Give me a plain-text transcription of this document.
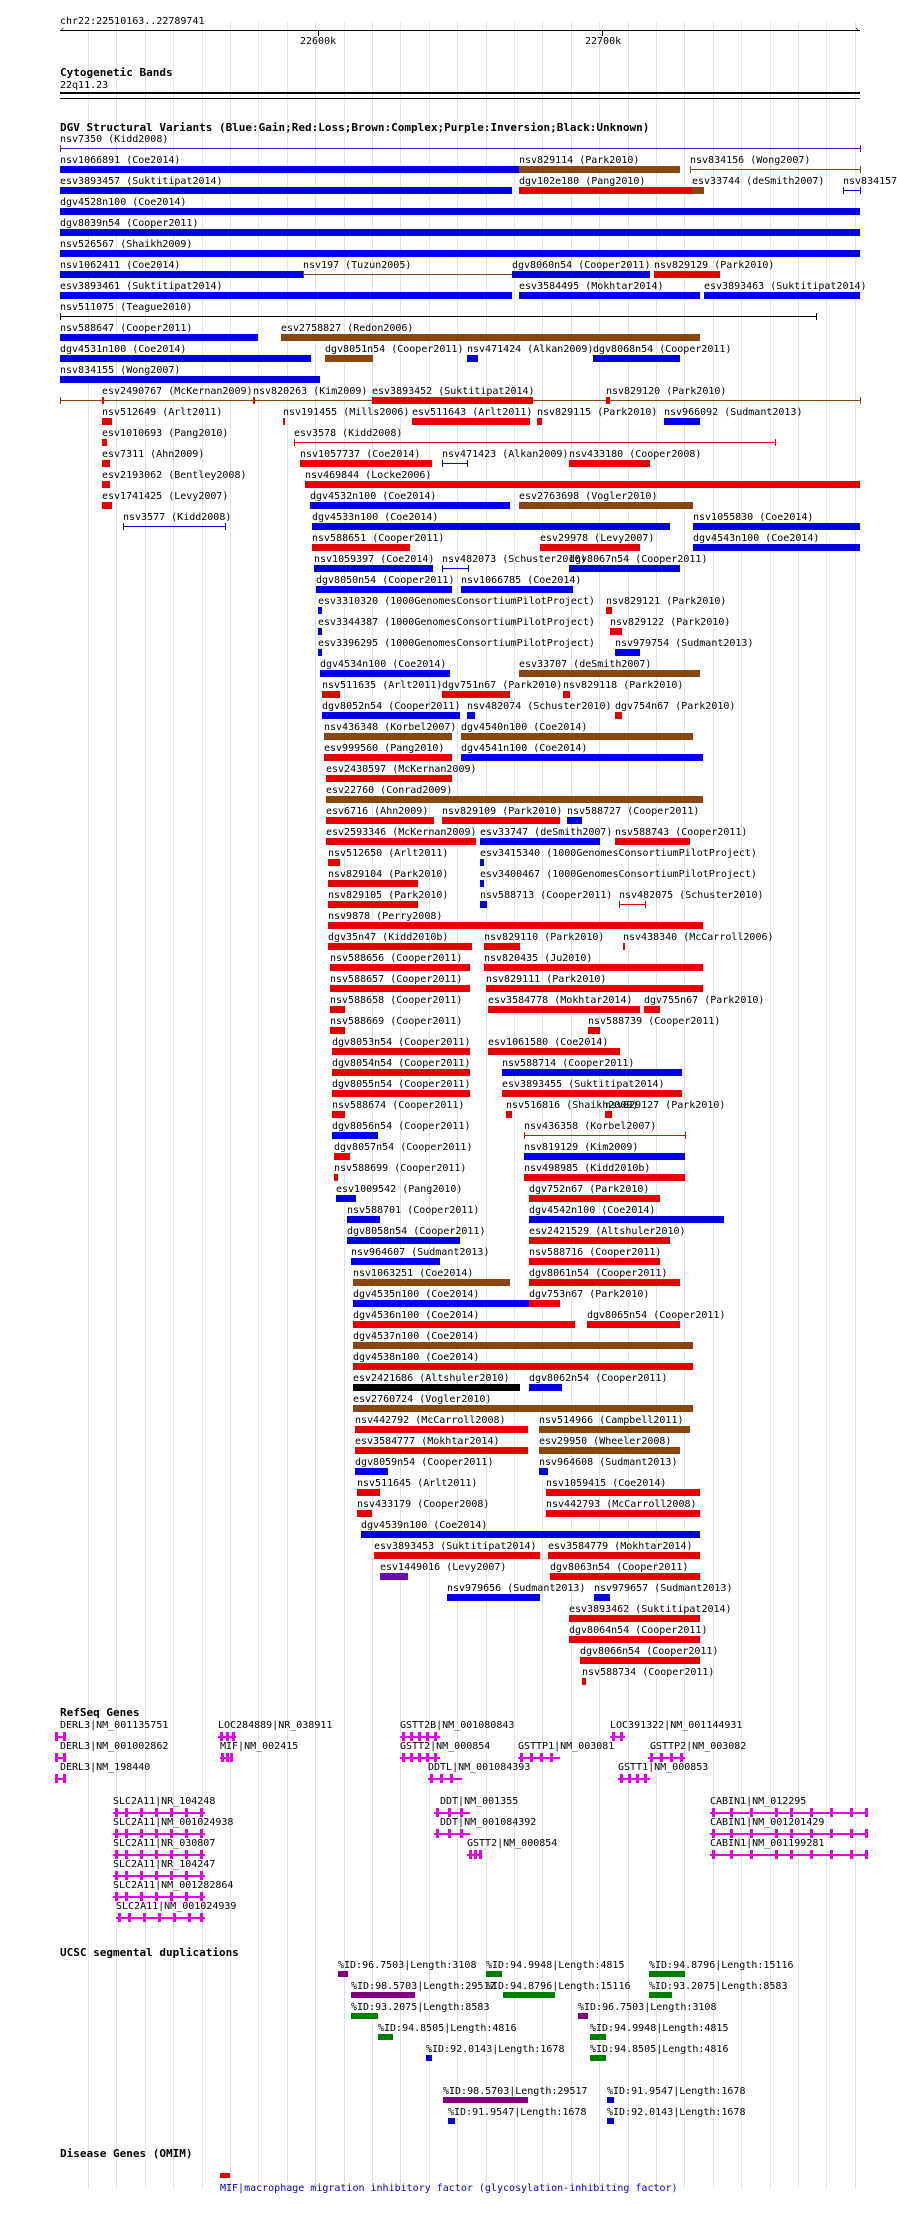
chr22:22510163..22789741
‹	›
22600k	22700k
Cytogenetic Bands
22q11.23
DGV Structural Variants (Blue:Gain;Red:Loss;Brown:Complex;Purple:Inversion;Black:Unknown)
nsv7350 (Kidd2008)
nsv1066891 (Coe2014)	nsv829114 (Park2010)	nsv834156 (Wong2007)
esv3893457 (Suktitipat2014)	dgv102e180 (Pang2010)	esv33744 (deSmith2007) nsv834157
dgv4528n100 (Coe2014)
dgv8039n54 (Cooper2011)
nsv526567 (Shaikh2009)
nsv1062411 (Coe2014)	nsv197 (Tuzun2005)	dgv8060n54 (Cooper2011) nsv829129 (Park2010)
esv3893461 (Suktitipat2014)	esv3584495 (Mokhtar2014)	esv3893463 (Suktitipat2014)
nsv511075 (Teague2010)
nsv588647 (Cooper2011)	esv2758827 (Redon2006)
dgv4531n100 (Coe2014)	dgv8051n54 (Cooper2011) nsv471424 (Alkan2009) dgv8068n54 (Cooper2011)
nsv834155 (Wong2007)
esv2490767 (McKernan2009) nsv820263 (Kim2009) esv3893452 (Suktitipat2014)	nsv829120 (Park2010)
nsv512649 (Arlt2011)	nsv191455 (Mills2006) esv511643 (Arlt2011) nsv829115 (Park2010) nsv966092 (Sudmant2013)
esv1010693 (Pang2010)	esv3578 (Kidd2008)
esv7311 (Ahn2009)	nsv1057737 (Coe2014) nsv471423 (Alkan2009) nsv433180 (Cooper2008)
esv2193062 (Bentley2008)	nsv469844 (Locke2006)
esv1741425 (Levy2007)	dgv4532n100 (Coe2014)	esv2763698 (Vogler2010)
nsv3577 (Kidd2008)	dgv4533n100 (Coe2014)	nsv1055830 (Coe2014)
nsv588651 (Cooper2011)	esv29978 (Levy2007)	dgv4543n100 (Coe2014)
nsv1059397 (Coe2014) nsv482073 (Schuster2010)
dgv8067n54 (Cooper2011)
dgv8050n54 (Cooper2011) nsv1066785 (Coe2014)
esv3310320 (1000GenomesConsortiumPilotProject) nsv829121 (Park2010)
esv3344387 (1000GenomesConsortiumPilotProject) nsv829122 (Park2010)
esv3396295 (1000GenomesConsortiumPilotProject) nsv979754 (Sudmant2013)
dgv4534n100 (Coe2014)	esv33707 (deSmith2007)
nsv511635 (Arlt2011) dgv751n67 (Park2010) nsv829118 (Park2010)
dgv8052n54 (Cooper2011) nsv482074 (Schuster2010) dgv754n67 (Park2010)
nsv436348 (Korbel2007) dgv4540n100 (Coe2014)
esv999560 (Pang2010) dgv4541n100 (Coe2014)
esv2430597 (McKernan2009)
esv22760 (Conrad2009)
esv6716 (Ahn2009) nsv829109 (Park2010) nsv588727 (Cooper2011)
esv2593346 (McKernan2009) esv33747 (deSmith2007) nsv588743 (Cooper2011)
nsv512650 (Arlt2011)	esv3415340 (1000GenomesConsortiumPilotProject)
nsv829104 (Park2010)	esv3400467 (1000GenomesConsortiumPilotProject)
nsv829105 (Park2010)	nsv588713 (Cooper2011) nsv482075 (Schuster2010)
nsv9878 (Perry2008)
dgv35n47 (Kidd2010b)	nsv829110 (Park2010) nsv438340 (McCarroll2006)
nsv588656 (Cooper2011) nsv820435 (Ju2010)
nsv588657 (Cooper2011) nsv829111 (Park2010)
nsv588658 (Cooper2011)	esv3584778 (Mokhtar2014) dgv755n67 (Park2010)
nsv588669 (Cooper2011)	nsv588739 (Cooper2011)
dgv8053n54 (Cooper2011) esv1061580 (Coe2014)
dgv8054n54 (Cooper2011)	nsv588714 (Cooper2011)
dgv8055n54 (Cooper2011)	esv3893455 (Suktitipat2014)
nsv588674 (Cooper2011)	nsv516816 (Shaikh2009)
nsv829127 (Park2010)
dgv8056n54 (Cooper2011)	nsv436358 (Korbel2007)
dgv8057n54 (Cooper2011)	nsv819129 (Kim2009)
nsv588699 (Cooper2011)	nsv498985 (Kidd2010b)
esv1009542 (Pang2010)	dgv752n67 (Park2010)
nsv588701 (Cooper2011)	dgv4542n100 (Coe2014)
dgv8058n54 (Cooper2011)	esv2421529 (Altshuler2010)
nsv964607 (Sudmant2013)	nsv588716 (Cooper2011)
nsv1063251 (Coe2014)	dgv8061n54 (Cooper2011)
dgv4535n100 (Coe2014)	dgv753n67 (Park2010)
dgv4536n100 (Coe2014)	dgv8065n54 (Cooper2011)
dgv4537n100 (Coe2014)
dgv4538n100 (Coe2014)
esv2421686 (Altshuler2010) dgv8062n54 (Cooper2011)
esv2760724 (Vogler2010)
nsv442792 (McCarroll2008)	nsv514966 (Campbell2011)
esv3584777 (Mokhtar2014)	esv29950 (Wheeler2008)
dgv8059n54 (Cooper2011)	nsv964608 (Sudmant2013)
nsv511645 (Arlt2011)	nsv1059415 (Coe2014)
nsv433179 (Cooper2008)	nsv442793 (McCarroll2008)
dgv4539n100 (Coe2014)
esv3893453 (Suktitipat2014) esv3584779 (Mokhtar2014)
esv1449016 (Levy2007)	dgv8063n54 (Cooper2011)
nsv979656 (Sudmant2013) nsv979657 (Sudmant2013)
esv3893462 (Suktitipat2014)
dgv8064n54 (Cooper2011)
dgv8066n54 (Cooper2011)
nsv588734 (Cooper2011)
RefSeq Genes
DERL3|NM_001135751	LOC284889|NR_038911	GSTT2B|NM_001080843	LOC391322|NM_001144931
DERL3|NM_001002862	MIF|NM_002415	GSTT2|NM_000854	GSTTP1|NM_003081	GSTTP2|NM_003082
DERL3|NM_198440	DDTL|NM_001084393	GSTT1|NM_000853
SLC2A11|NR_104248	DDT|NM_001355	CABIN1|NM_012295
SLC2A11|NM_001024938	DDT|NM_001084392	CABIN1|NM_001201429
SLC2A11|NR_030807	GSTT2|NM_000854	CABIN1|NM_001199281
SLC2A11|NR_104247
SLC2A11|NM_001282864
SLC2A11|NM_001024939
UCSC segmental duplications
%ID:96.7503|Length:3108 %ID:94.9948|Length:4815 %ID:94.8796|Length:15116
%ID:98.5703|Length:29517
%ID:94.8796|Length:15116 %ID:93.2075|Length:8583
%ID:93.2075|Length:8583	%ID:96.7503|Length:3108
%ID:94.8505|Length:4816	%ID:94.9948|Length:4815
%ID:92.0143|Length:1678	%ID:94.8505|Length:4816
%ID:98.5703|Length:29517 %ID:91.9547|Length:1678
%ID:91.9547|Length:1678 %ID:92.0143|Length:1678
Disease Genes (OMIM)
MIF|macrophage migration inhibitory factor (glycosylation-inhibiting factor)
